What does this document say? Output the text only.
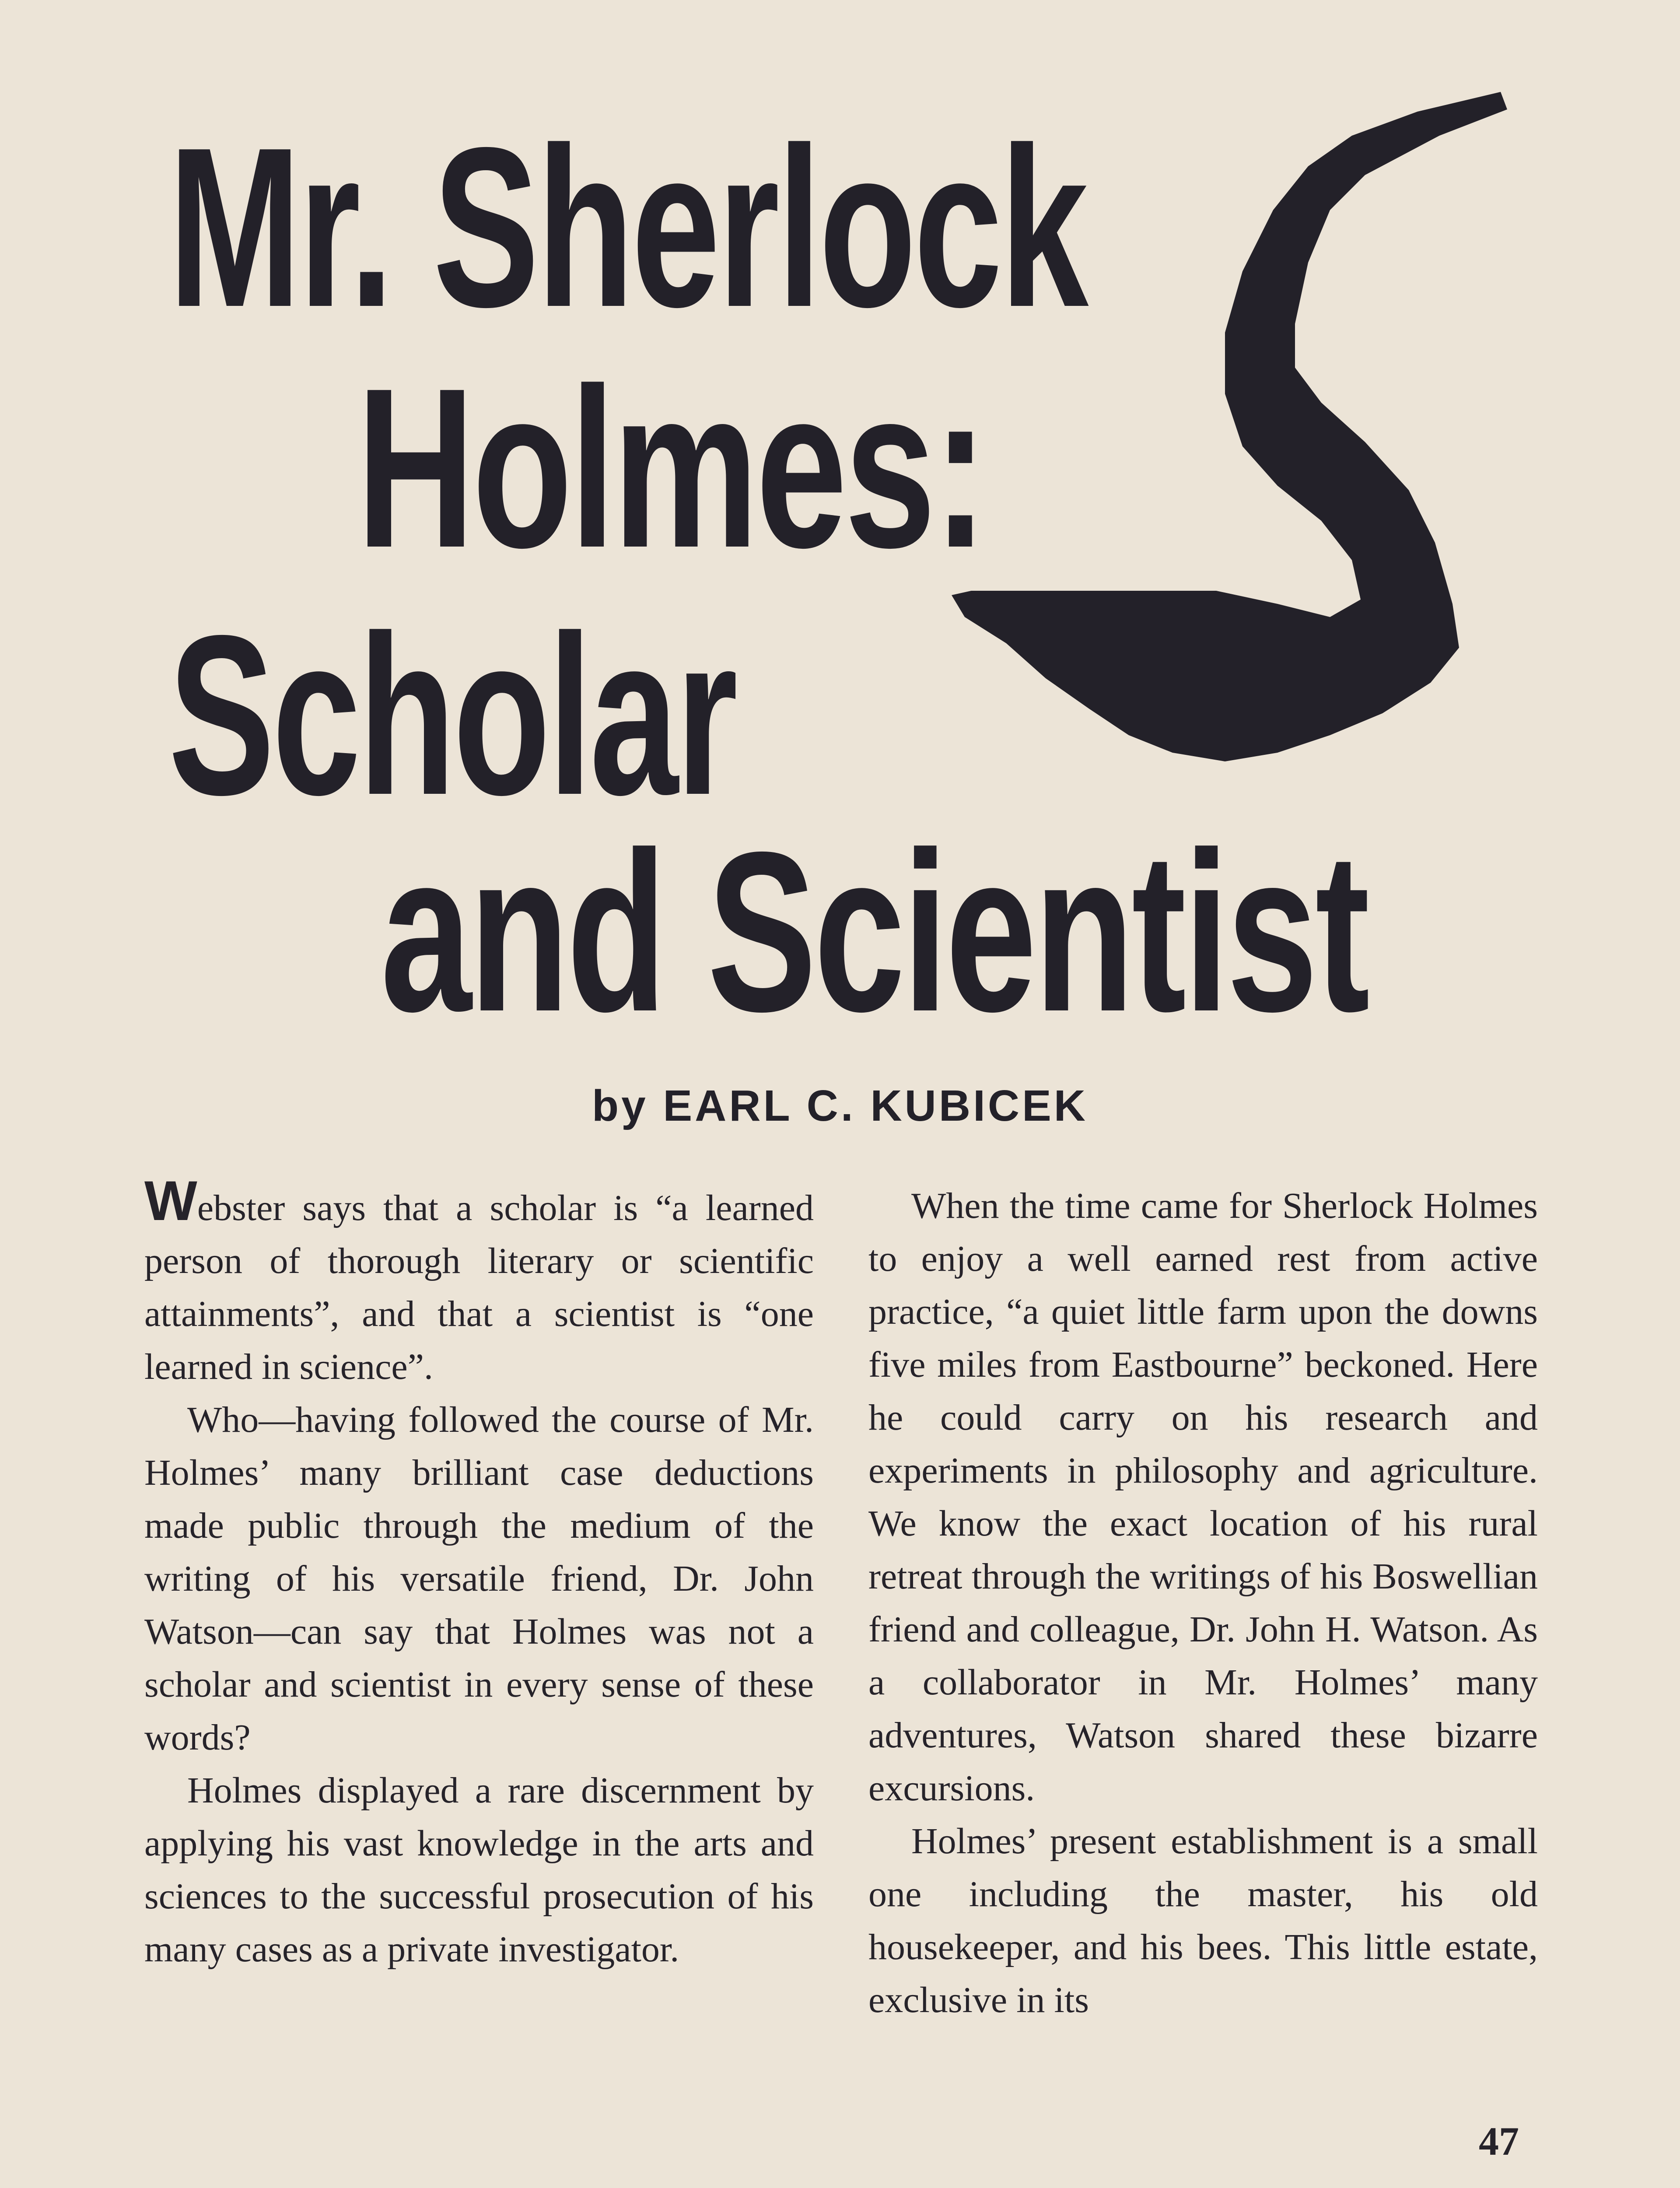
Mr. Sherlock
Holmes:
Scholar
and Scientist
by EARL C. KUBICEK

Webster says that a scholar is “a learned person of thorough literary or scientific attainments”, and that a scientist is “one learned in science”.

Who—having followed the course of Mr. Holmes’ many brilliant case deductions made public through the medium of the writing of his versatile friend, Dr. John Watson—can say that Holmes was not a scholar and scientist in every sense of these words?

Holmes displayed a rare discernment by applying his vast knowledge in the arts and sciences to the successful prosecution of his many cases as a private investigator.

When the time came for Sherlock Holmes to enjoy a well earned rest from active practice, “a quiet little farm upon the downs five miles from Eastbourne” beckoned. Here he could carry on his research and experiments in philosophy and agriculture. We know the exact location of his rural retreat through the writings of his Boswellian friend and colleague, Dr. John H. Watson. As a collaborator in Mr. Holmes’ many adventures, Watson shared these bizarre excursions.

Holmes’ present establishment is a small one including the master, his old housekeeper, and his bees. This little estate, exclusive in its

47
